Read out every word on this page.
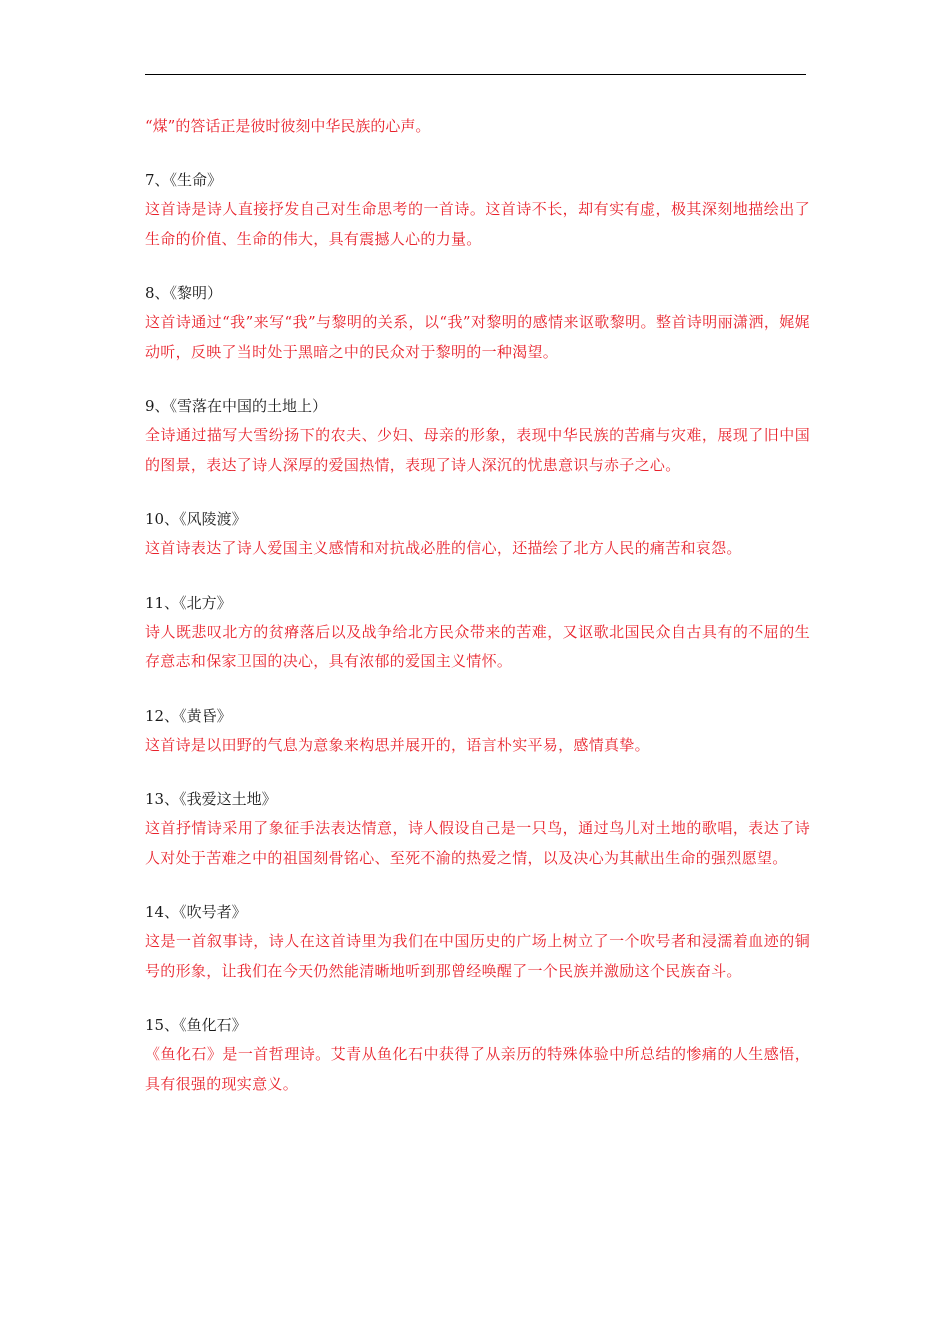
“煤”的答话正是彼时彼刻中华民族的心声。

7、《生命》

这首诗是诗人直接抒发自己对生命思考的一首诗。这首诗不长，却有实有虚，极其深刻地描绘出了生命的价值、生命的伟大，具有震撼人心的力量。

8、《黎明）

这首诗通过“我”来写“我”与黎明的关系，以“我”对黎明的感情来讴歌黎明。整首诗明丽潇洒，娓娓动听，反映了当时处于黑暗之中的民众对于黎明的一种渴望。

9、《雪落在中国的土地上）

全诗通过描写大雪纷扬下的农夫、少妇、母亲的形象，表现中华民族的苦痛与灾难，展现了旧中国的图景，表达了诗人深厚的爱国热情，表现了诗人深沉的忧患意识与赤子之心。

10、《风陵渡》

这首诗表达了诗人爱国主义感情和对抗战必胜的信心，还描绘了北方人民的痛苦和哀怨。

11、《北方》

诗人既悲叹北方的贫瘠落后以及战争给北方民众带来的苦难，又讴歌北国民众自古具有的不屈的生存意志和保家卫国的决心，具有浓郁的爱国主义情怀。

12、《黄昏》

这首诗是以田野的气息为意象来构思并展开的，语言朴实平易，感情真挚。

13、《我爱这土地》

这首抒情诗采用了象征手法表达情意，诗人假设自己是一只鸟，通过鸟儿对土地的歌唱，表达了诗人对处于苦难之中的祖国刻骨铭心、至死不渝的热爱之情，以及决心为其献出生命的强烈愿望。

14、《吹号者》

这是一首叙事诗，诗人在这首诗里为我们在中国历史的广场上树立了一个吹号者和浸濡着血迹的铜号的形象，让我们在今天仍然能清晰地听到那曾经唤醒了一个民族并激励这个民族奋斗。

15、《鱼化石》

《鱼化石》是一首哲理诗。艾青从鱼化石中获得了从亲历的特殊体验中所总结的惨痛的人生感悟，具有很强的现实意义。
